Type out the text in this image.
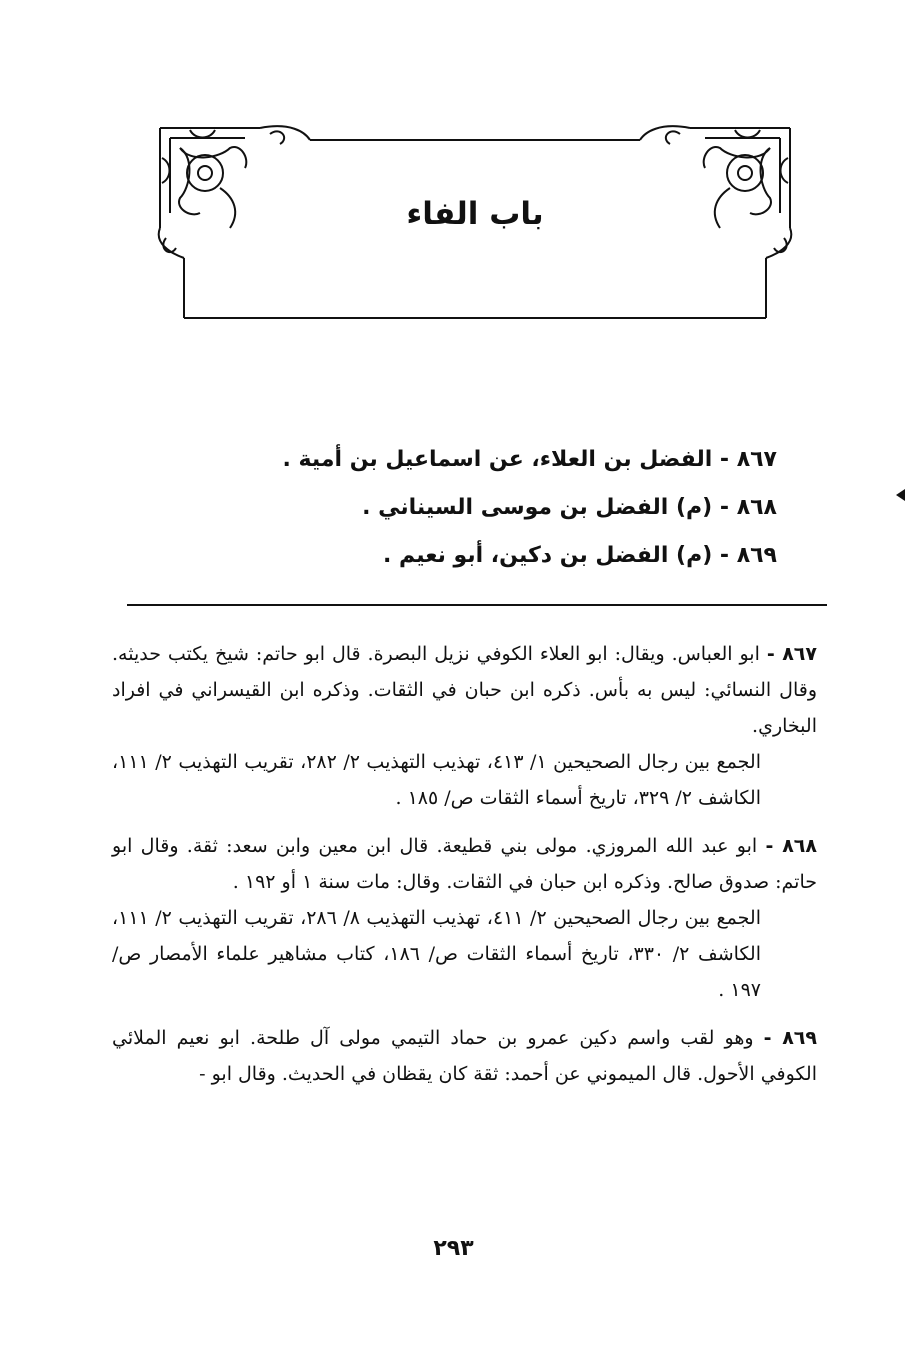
باب الفاء
٨٦٧ - الفضل بن العلاء، عن اسماعيل بن أمية .
٨٦٨ - (م) الفضل بن موسى السيناني .
٨٦٩ - (م) الفضل بن دكين، أبو نعيم .

٨٦٧ - ابو العباس. ويقال: ابو العلاء الكوفي نزيل البصرة. قال ابو حاتم: شيخ يكتب حديثه. وقال النسائي: ليس به بأس. ذكره ابن حبان في الثقات. وذكره ابن القيسراني في افراد البخاري.

الجمع بين رجال الصحيحين ١/ ٤١٣، تهذيب التهذيب ٢/ ٢٨٢، تقريب التهذيب ٢/ ١١١، الكاشف ٢/ ٣٢٩، تاريخ أسماء الثقات ص/ ١٨٥ .

٨٦٨ - ابو عبد الله المروزي. مولى بني قطيعة. قال ابن معين وابن سعد: ثقة. وقال ابو حاتم: صدوق صالح. وذكره ابن حبان في الثقات. وقال: مات سنة ١ أو ١٩٢ .

الجمع بين رجال الصحيحين ٢/ ٤١١، تهذيب التهذيب ٨/ ٢٨٦، تقريب التهذيب ٢/ ١١١، الكاشف ٢/ ٣٣٠، تاريخ أسماء الثقات ص/ ١٨٦، كتاب مشاهير علماء الأمصار ص/ ١٩٧ .

٨٦٩ - وهو لقب واسم دكين عمرو بن حماد التيمي مولى آل طلحة. ابو نعيم الملائي الكوفي الأحول. قال الميموني عن أحمد: ثقة كان يقظان في الحديث. وقال ابو -

٢٩٣
